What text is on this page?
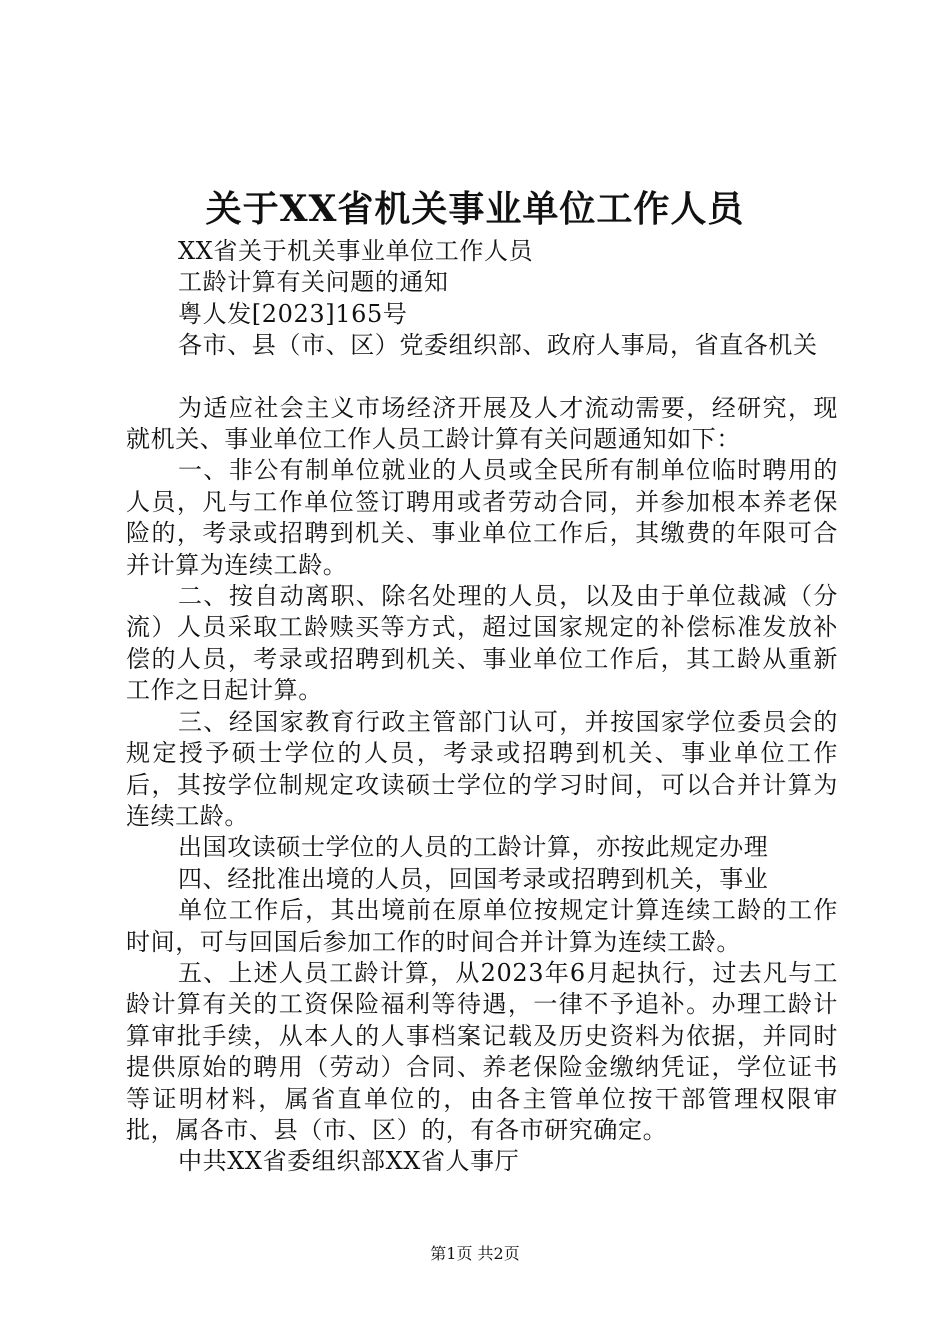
关于XX省机关事业单位工作人员

XX省关于机关事业单位工作人员

工龄计算有关问题的通知

粤人发[2023]165号

各市、县（市、区）党委组织部、政府人事局，省直各机关

为适应社会主义市场经济开展及人才流动需要，经研究，现就机关、事业单位工作人员工龄计算有关问题通知如下：

一、非公有制单位就业的人员或全民所有制单位临时聘用的人员，凡与工作单位签订聘用或者劳动合同，并参加根本养老保险的，考录或招聘到机关、事业单位工作后，其缴费的年限可合并计算为连续工龄。

二、按自动离职、除名处理的人员，以及由于单位裁减（分流）人员采取工龄赎买等方式，超过国家规定的补偿标准发放补偿的人员，考录或招聘到机关、事业单位工作后，其工龄从重新工作之日起计算。

三、经国家教育行政主管部门认可，并按国家学位委员会的规定授予硕士学位的人员，考录或招聘到机关、事业单位工作后，其按学位制规定攻读硕士学位的学习时间，可以合并计算为连续工龄。

出国攻读硕士学位的人员的工龄计算，亦按此规定办理

四、经批准出境的人员，回国考录或招聘到机关，事业

单位工作后，其出境前在原单位按规定计算连续工龄的工作时间，可与回国后参加工作的时间合并计算为连续工龄。

五、上述人员工龄计算，从2023年6月起执行，过去凡与工龄计算有关的工资保险福利等待遇，一律不予追补。办理工龄计算审批手续，从本人的人事档案记载及历史资料为依据，并同时提供原始的聘用（劳动）合同、养老保险金缴纳凭证，学位证书等证明材料，属省直单位的，由各主管单位按干部管理权限审批，属各市、县（市、区）的，有各市研究确定。

中共XX省委组织部XX省人事厅

第1页 共2页
